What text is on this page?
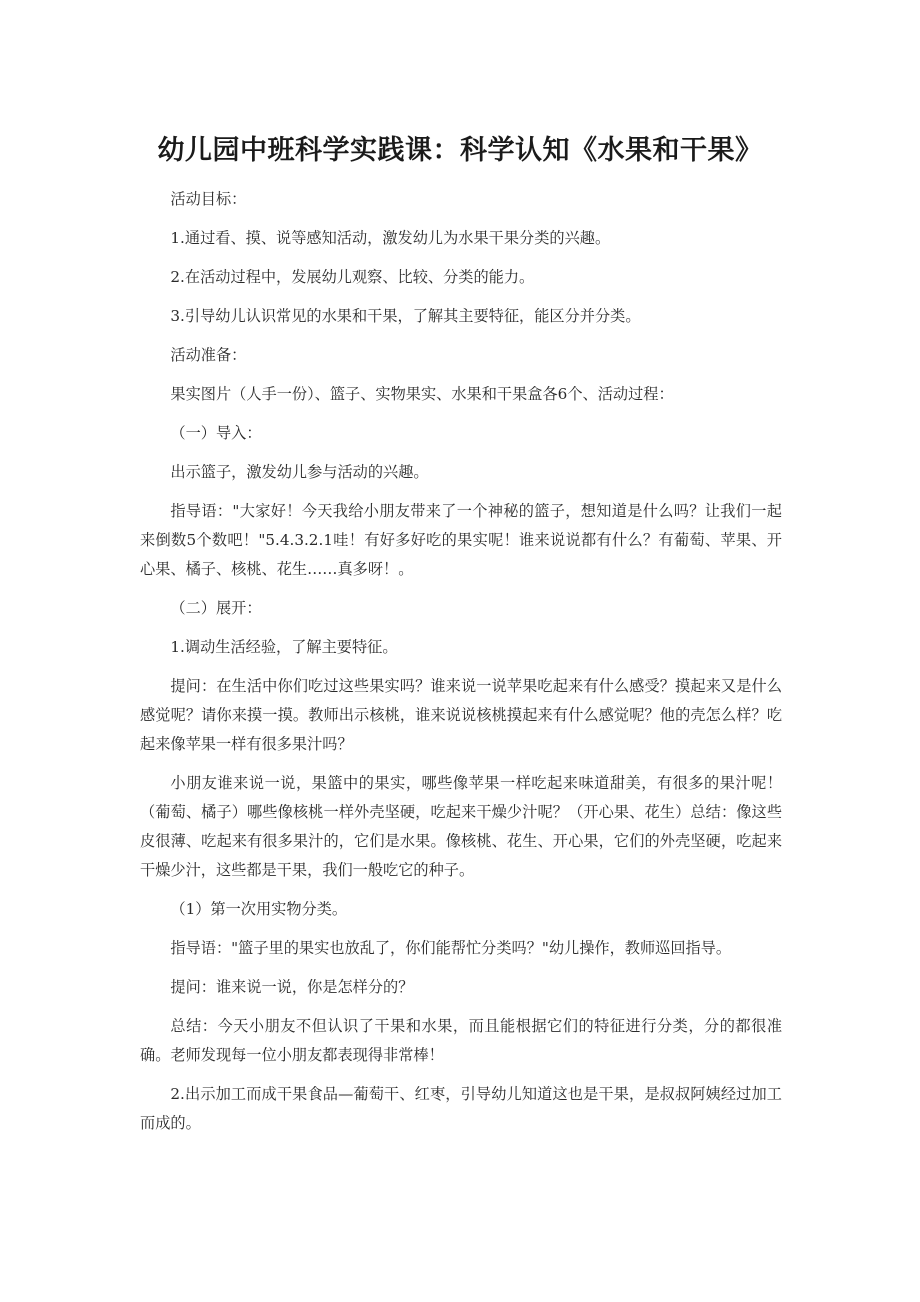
幼儿园中班科学实践课：科学认知《水果和干果》

活动目标：

1.通过看、摸、说等感知活动，激发幼儿为水果干果分类的兴趣。

2.在活动过程中，发展幼儿观察、比较、分类的能力。

3.引导幼儿认识常见的水果和干果，了解其主要特征，能区分并分类。

活动准备：

果实图片（人手一份）、篮子、实物果实、水果和干果盒各6个、活动过程：

（一）导入：

出示篮子，激发幼儿参与活动的兴趣。

指导语："大家好！今天我给小朋友带来了一个神秘的篮子，想知道是什么吗？让我们一起来倒数5个数吧！"5.4.3.2.1哇！有好多好吃的果实呢！谁来说说都有什么？有葡萄、苹果、开心果、橘子、核桃、花生……真多呀！。

（二）展开：

1.调动生活经验，了解主要特征。

提问：在生活中你们吃过这些果实吗？谁来说一说苹果吃起来有什么感受？摸起来又是什么感觉呢？请你来摸一摸。教师出示核桃，谁来说说核桃摸起来有什么感觉呢？他的壳怎么样？吃起来像苹果一样有很多果汁吗？

小朋友谁来说一说，果篮中的果实，哪些像苹果一样吃起来味道甜美，有很多的果汁呢！（葡萄、橘子）哪些像核桃一样外壳坚硬，吃起来干燥少汁呢？（开心果、花生）总结：像这些皮很薄、吃起来有很多果汁的，它们是水果。像核桃、花生、开心果，它们的外壳坚硬，吃起来干燥少汁，这些都是干果，我们一般吃它的种子。

（1）第一次用实物分类。

指导语："篮子里的果实也放乱了，你们能帮忙分类吗？"幼儿操作，教师巡回指导。

提问：谁来说一说，你是怎样分的？

总结：今天小朋友不但认识了干果和水果，而且能根据它们的特征进行分类，分的都很准确。老师发现每一位小朋友都表现得非常棒！

2.出示加工而成干果食品—葡萄干、红枣，引导幼儿知道这也是干果，是叔叔阿姨经过加工而成的。
